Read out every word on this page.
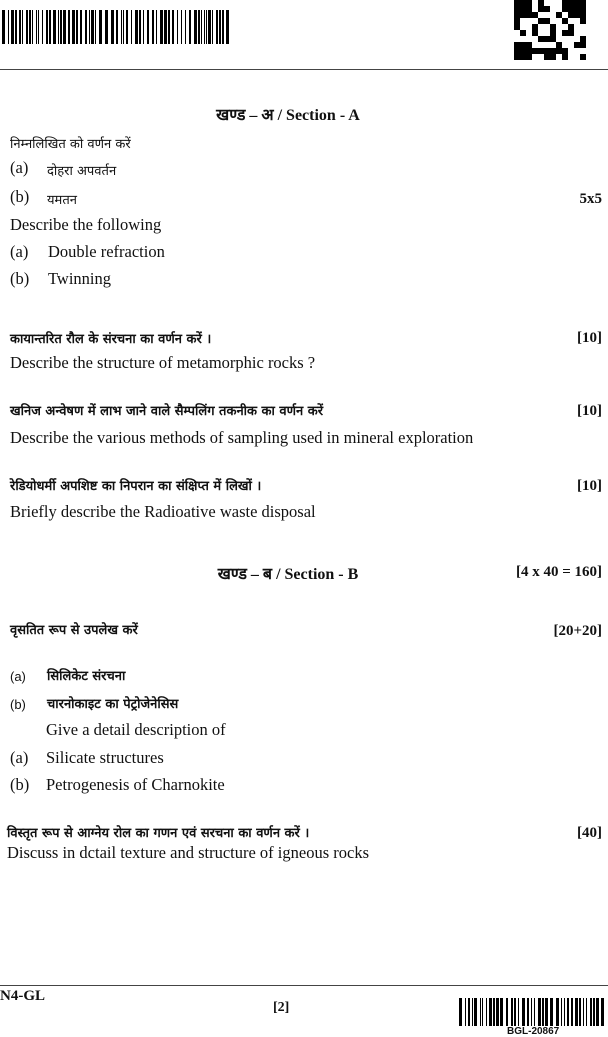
खण्ड – अ / Section - A
निम्नलिखित को वर्णन करें
(a) दोहरा अपवर्तन
(b) यमतन	5x5
Describe the following
(a) Double refraction
(b) Twinning
कायान्तरित रौल के संरचना का वर्णन करें ।	[10]
Describe the structure of metamorphic rocks ?
खनिज अन्वेषण में लाभ जाने वाले सैम्पलिंग तकनीक का वर्णन करें	[10]
Describe the various methods of sampling used in mineral exploration
रेडियोधर्मी अपशिष्ट का निपरान का संक्षिप्त में लिखों ।	[10]
Briefly describe the Radioative waste disposal
खण्ड – ब / Section - B	[4 x 40 = 160]
वृसतित रूप से उपलेख करें	[20+20]
(a) सिलिकेट संरचना
(b) चारनोकाइट का पेट्रोजेनेसिस
Give a detail description of
(a) Silicate structures
(b) Petrogenesis of Charnokite
विस्तृत रूप से आग्नेय रोल का गणन एवं सरचना का वर्णन करें ।	[40]
Discuss in dctail texture and structure of igneous rocks
N4-GL
[2]
BGL-20867
